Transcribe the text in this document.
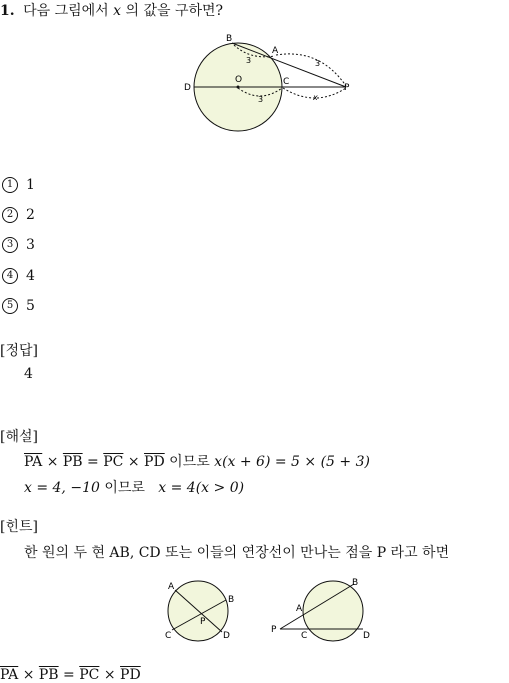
1. 다음 그림에서 x 의 값을 구하면?
B
A
O	C
D	P
3	3
3	x
1 1
2 2
3 3
4 4
5 5
[정답]
4
[해설]
$\overline{PA} \times \overline{PB} = \overline{PC} \times \overline{PD}$ 이므로 x(x + 6) = 5 × (5 + 3)
x = 4, −10 이므로 x = 4(x > 0)
[힌트]
한 원의 두 현 AB, CD 또는 이들의 연장선이 만나는 점을 P 라고 하면
A
B
C	D
P
P
A
B
C	D
$\overline{PA} \times \overline{PB} = \overline{PC} \times \overline{PD}$
